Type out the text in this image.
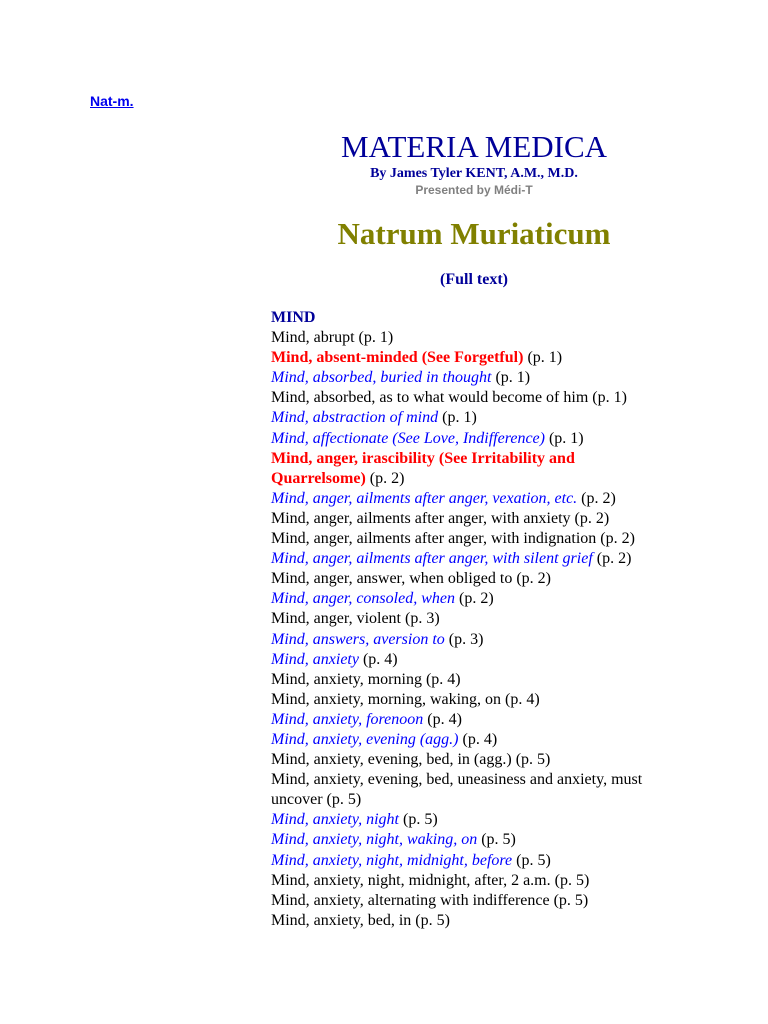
Nat-m.
MATERIA MEDICA
By James Tyler KENT, A.M., M.D.
Presented by Médi-T
Natrum Muriaticum
(Full text)
MIND
Mind, abrupt (p. 1)
Mind, absent-minded (See Forgetful) (p. 1)
Mind, absorbed, buried in thought (p. 1)
Mind, absorbed, as to what would become of him (p. 1)
Mind, abstraction of mind (p. 1)
Mind, affectionate (See Love, Indifference) (p. 1)
Mind, anger, irascibility (See Irritability and Quarrelsome) (p. 2)
Mind, anger, ailments after anger, vexation, etc. (p. 2)
Mind, anger, ailments after anger, with anxiety (p. 2)
Mind, anger, ailments after anger, with indignation (p. 2)
Mind, anger, ailments after anger, with silent grief (p. 2)
Mind, anger, answer, when obliged to (p. 2)
Mind, anger, consoled, when (p. 2)
Mind, anger, violent (p. 3)
Mind, answers, aversion to (p. 3)
Mind, anxiety (p. 4)
Mind, anxiety, morning (p. 4)
Mind, anxiety, morning, waking, on (p. 4)
Mind, anxiety, forenoon (p. 4)
Mind, anxiety, evening (agg.) (p. 4)
Mind, anxiety, evening, bed, in (agg.) (p. 5)
Mind, anxiety, evening, bed, uneasiness and anxiety, must uncover (p. 5)
Mind, anxiety, night (p. 5)
Mind, anxiety, night, waking, on (p. 5)
Mind, anxiety, night, midnight, before (p. 5)
Mind, anxiety, night, midnight, after, 2 a.m. (p. 5)
Mind, anxiety, alternating with indifference (p. 5)
Mind, anxiety, bed, in (p. 5)
